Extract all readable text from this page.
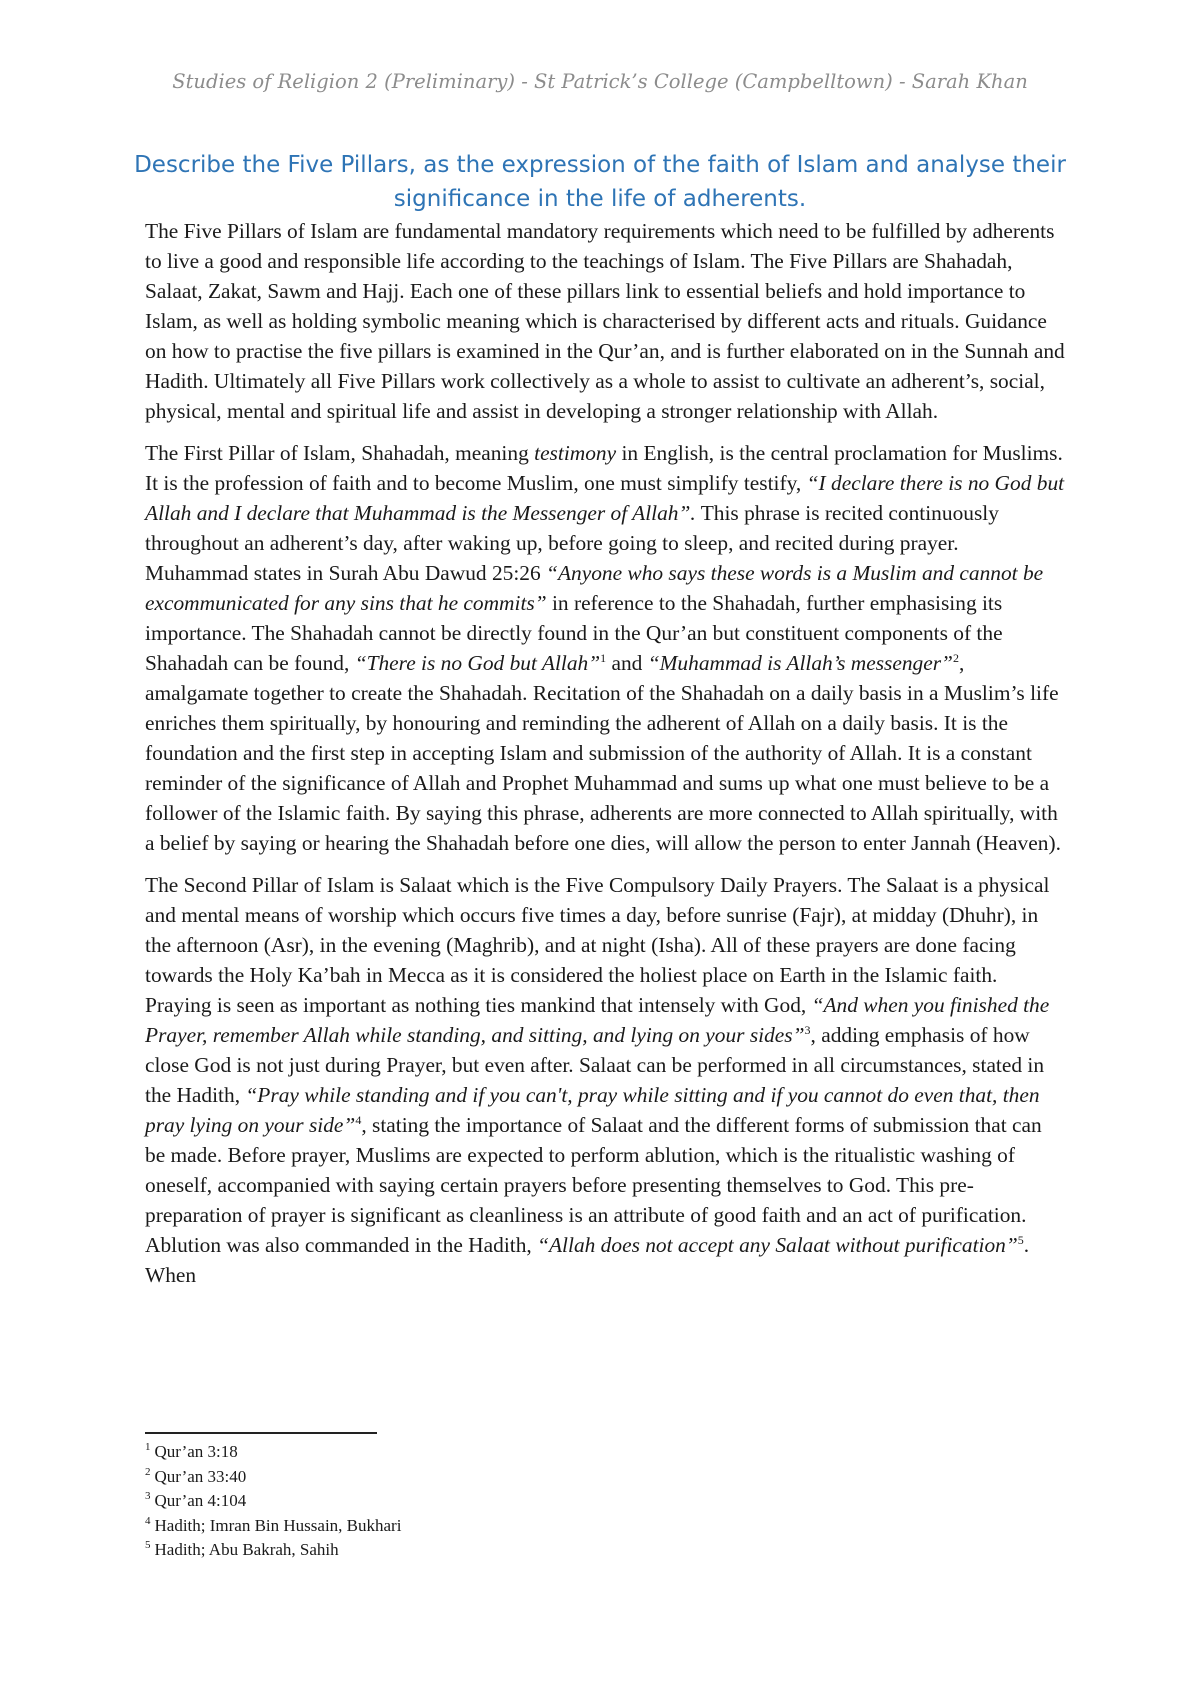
Studies of Religion 2 (Preliminary) - St Patrick’s College (Campbelltown) - Sarah Khan
Describe the Five Pillars, as the expression of the faith of Islam and analyse their significance in the life of adherents.

The Five Pillars of Islam are fundamental mandatory requirements which need to be fulfilled by adherents to live a good and responsible life according to the teachings of Islam. The Five Pillars are Shahadah, Salaat, Zakat, Sawm and Hajj. Each one of these pillars link to essential beliefs and hold importance to Islam, as well as holding symbolic meaning which is characterised by different acts and rituals. Guidance on how to practise the five pillars is examined in the Qur’an, and is further elaborated on in the Sunnah and Hadith. Ultimately all Five Pillars work collectively as a whole to assist to cultivate an adherent’s, social, physical, mental and spiritual life and assist in developing a stronger relationship with Allah.

The First Pillar of Islam, Shahadah, meaning testimony in English, is the central proclamation for Muslims. It is the profession of faith and to become Muslim, one must simplify testify, “I declare there is no God but Allah and I declare that Muhammad is the Messenger of Allah”. This phrase is recited continuously throughout an adherent’s day, after waking up, before going to sleep, and recited during prayer. Muhammad states in Surah Abu Dawud 25:26 “Anyone who says these words is a Muslim and cannot be excommunicated for any sins that he commits” in reference to the Shahadah, further emphasising its importance. The Shahadah cannot be directly found in the Qur’an but constituent components of the Shahadah can be found, “There is no God but Allah”$^1$ and “Muhammad is Allah’s messenger”$^2$, amalgamate together to create the Shahadah. Recitation of the Shahadah on a daily basis in a Muslim’s life enriches them spiritually, by honouring and reminding the adherent of Allah on a daily basis. It is the foundation and the first step in accepting Islam and submission of the authority of Allah. It is a constant reminder of the significance of Allah and Prophet Muhammad and sums up what one must believe to be a follower of the Islamic faith. By saying this phrase, adherents are more connected to Allah spiritually, with a belief by saying or hearing the Shahadah before one dies, will allow the person to enter Jannah (Heaven).

The Second Pillar of Islam is Salaat which is the Five Compulsory Daily Prayers. The Salaat is a physical and mental means of worship which occurs five times a day, before sunrise (Fajr), at midday (Dhuhr), in the afternoon (Asr), in the evening (Maghrib), and at night (Isha). All of these prayers are done facing towards the Holy Ka’bah in Mecca as it is considered the holiest place on Earth in the Islamic faith. Praying is seen as important as nothing ties mankind that intensely with God, “And when you finished the Prayer, remember Allah while standing, and sitting, and lying on your sides”$^3$, adding emphasis of how close God is not just during Prayer, but even after. Salaat can be performed in all circumstances, stated in the Hadith, “Pray while standing and if you can't, pray while sitting and if you cannot do even that, then pray lying on your side”$^4$, stating the importance of Salaat and the different forms of submission that can be made. Before prayer, Muslims are expected to perform ablution, which is the ritualistic washing of oneself, accompanied with saying certain prayers before presenting themselves to God. This pre-preparation of prayer is significant as cleanliness is an attribute of good faith and an act of purification. Ablution was also commanded in the Hadith, “Allah does not accept any Salaat without purification”$^5$. When

$^1$ Qur’an 3:18
$^2$ Qur’an 33:40
$^3$ Qur’an 4:104
$^4$ Hadith; Imran Bin Hussain, Bukhari
$^5$ Hadith; Abu Bakrah, Sahih
